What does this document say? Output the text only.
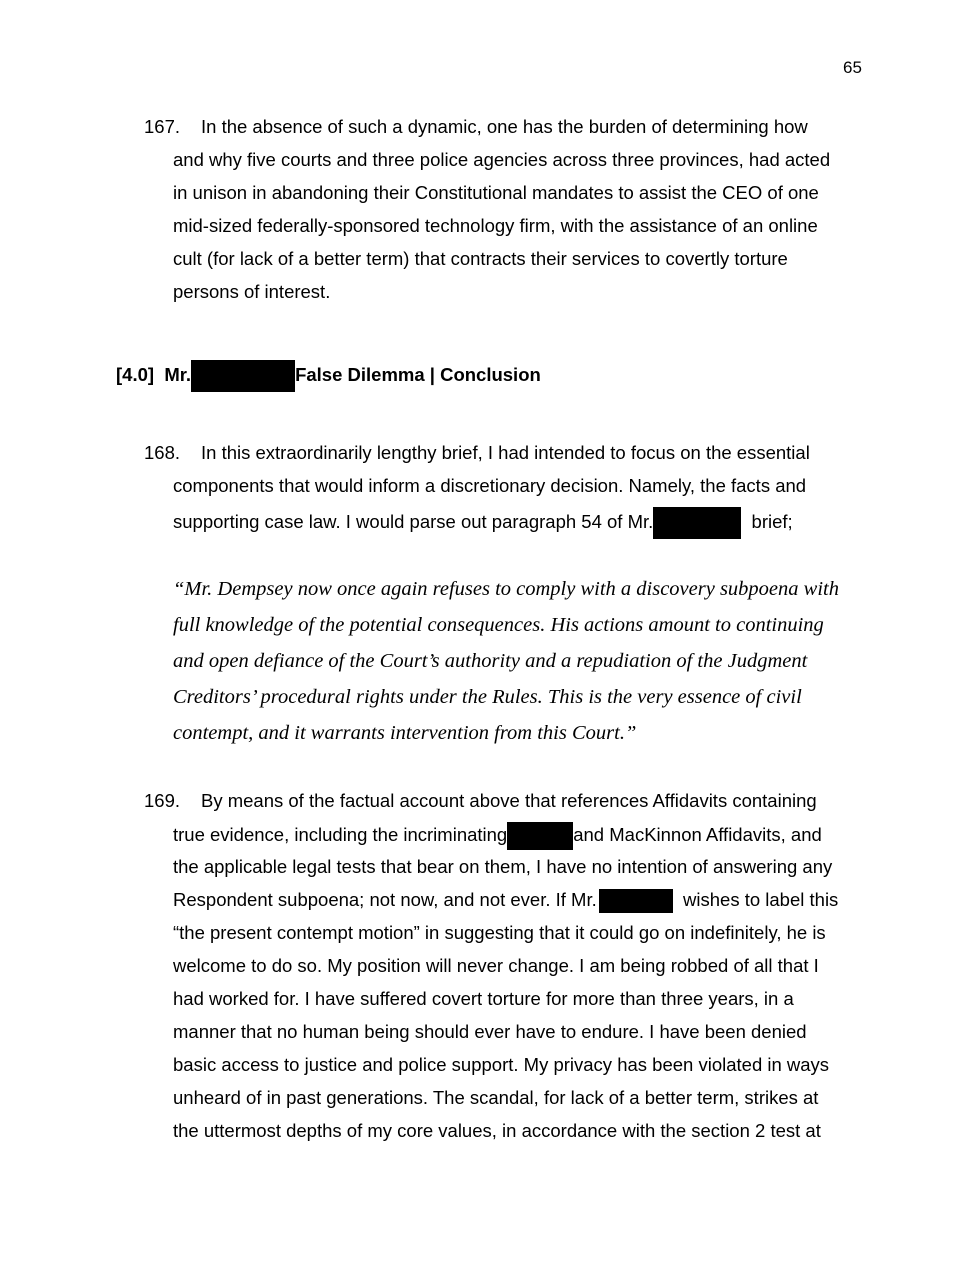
65
167. In the absence of such a dynamic, one has the burden of determining how
and why five courts and three police agencies across three provinces, had acted
in unison in abandoning their Constitutional mandates to assist the CEO of one
mid-sized federally-sponsored technology firm, with the assistance of an online
cult (for lack of a better term) that contracts their services to covertly torture
persons of interest.
[4.0] Mr.	False Dilemma | Conclusion
168. In this extraordinarily lengthy brief, I had intended to focus on the essential
components that would inform a discretionary decision. Namely, the facts and
supporting case law. I would parse out paragraph 54 of Mr.	brief;
“Mr. Dempsey now once again refuses to comply with a discovery subpoena with
full knowledge of the potential consequences. His actions amount to continuing
and open defiance of the Court’s authority and a repudiation of the Judgment
Creditors’ procedural rights under the Rules. This is the very essence of civil
contempt, and it warrants intervention from this Court.”
169. By means of the factual account above that references Affidavits containing
true evidence, including the incriminating	and MacKinnon Affidavits, and
the applicable legal tests that bear on them, I have no intention of answering any
Respondent subpoena; not now, and not ever. If Mr.	wishes to label this
“the present contempt motion” in suggesting that it could go on indefinitely, he is
welcome to do so. My position will never change. I am being robbed of all that I
had worked for. I have suffered covert torture for more than three years, in a
manner that no human being should ever have to endure. I have been denied
basic access to justice and police support. My privacy has been violated in ways
unheard of in past generations. The scandal, for lack of a better term, strikes at
the uttermost depths of my core values, in accordance with the section 2 test at
